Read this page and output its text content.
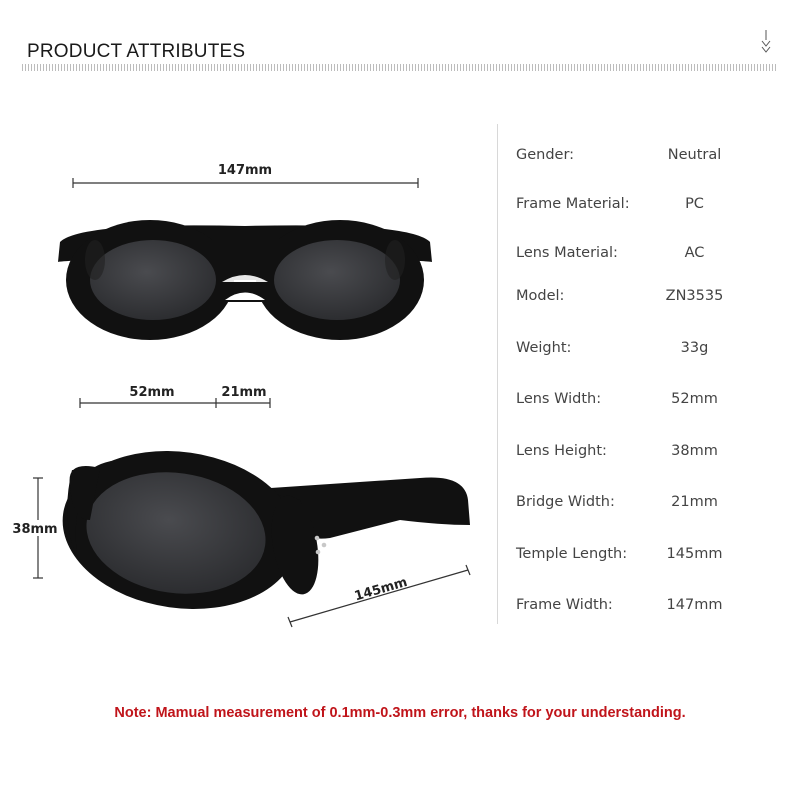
PRODUCT ATTRIBUTES
147mm
52mm	21mm
38mm
145mm
Gender:	Neutral
Frame Material:	PC
Lens Material:	AC
Model:	ZN3535
Weight:	33g
Lens Width:	52mm
Lens Height:	38mm
Bridge Width:	21mm
Temple Length:	145mm
Frame Width:	147mm
Note: Mamual measurement of 0.1mm-0.3mm error, thanks for your understanding.
